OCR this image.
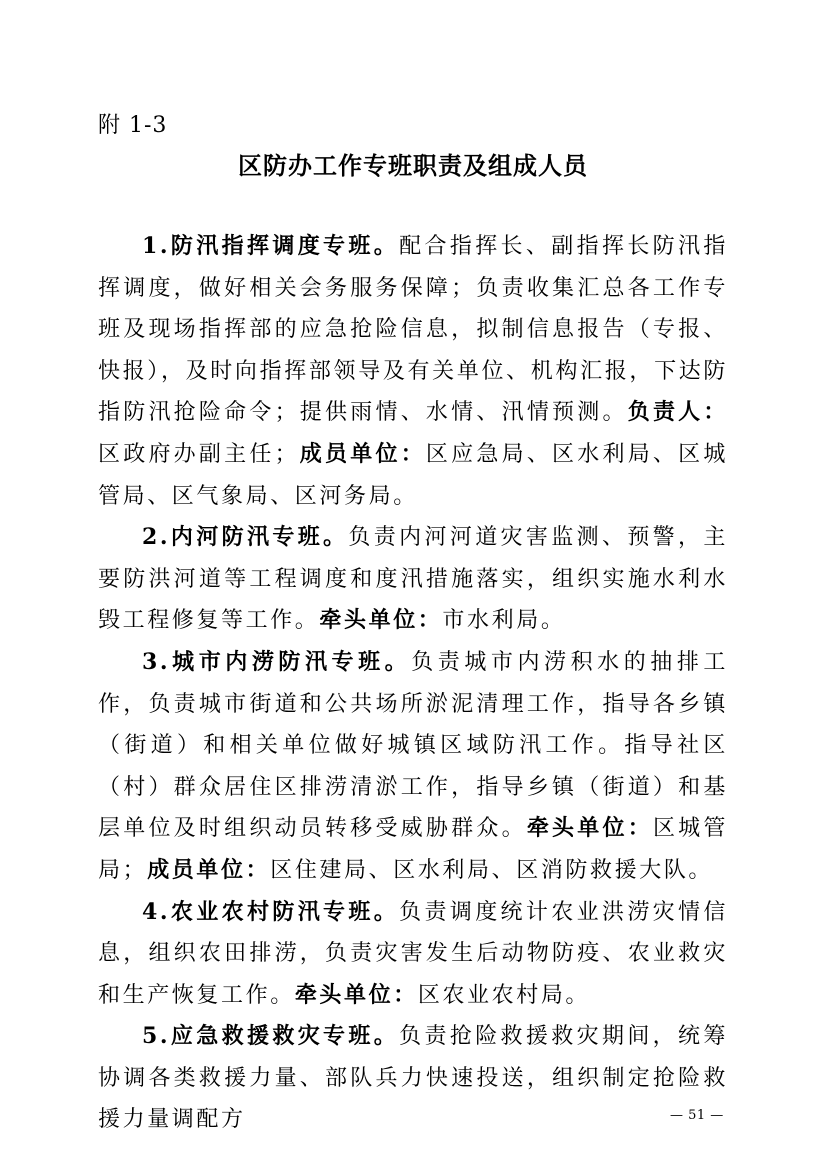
附 1-3
区防办工作专班职责及组成人员

1.防汛指挥调度专班。配合指挥长、副指挥长防汛指挥调度，做好相关会务服务保障；负责收集汇总各工作专班及现场指挥部的应急抢险信息，拟制信息报告（专报、快报），及时向指挥部领导及有关单位、机构汇报，下达防指防汛抢险命令；提供雨情、水情、汛情预测。负责人：区政府办副主任；成员单位：区应急局、区水利局、区城管局、区气象局、区河务局。

2.内河防汛专班。负责内河河道灾害监测、预警，主要防洪河道等工程调度和度汛措施落实，组织实施水利水毁工程修复等工作。牵头单位：市水利局。

3.城市内涝防汛专班。负责城市内涝积水的抽排工作，负责城市街道和公共场所淤泥清理工作，指导各乡镇（街道）和相关单位做好城镇区域防汛工作。指导社区（村）群众居住区排涝清淤工作，指导乡镇（街道）和基层单位及时组织动员转移受威胁群众。牵头单位：区城管局；成员单位：区住建局、区水利局、区消防救援大队。

4.农业农村防汛专班。负责调度统计农业洪涝灾情信息，组织农田排涝，负责灾害发生后动物防疫、农业救灾和生产恢复工作。牵头单位：区农业农村局。

5.应急救援救灾专班。负责抢险救援救灾期间，统筹协调各类救援力量、部队兵力快速投送，组织制定抢险救援力量调配方	— 51 —
